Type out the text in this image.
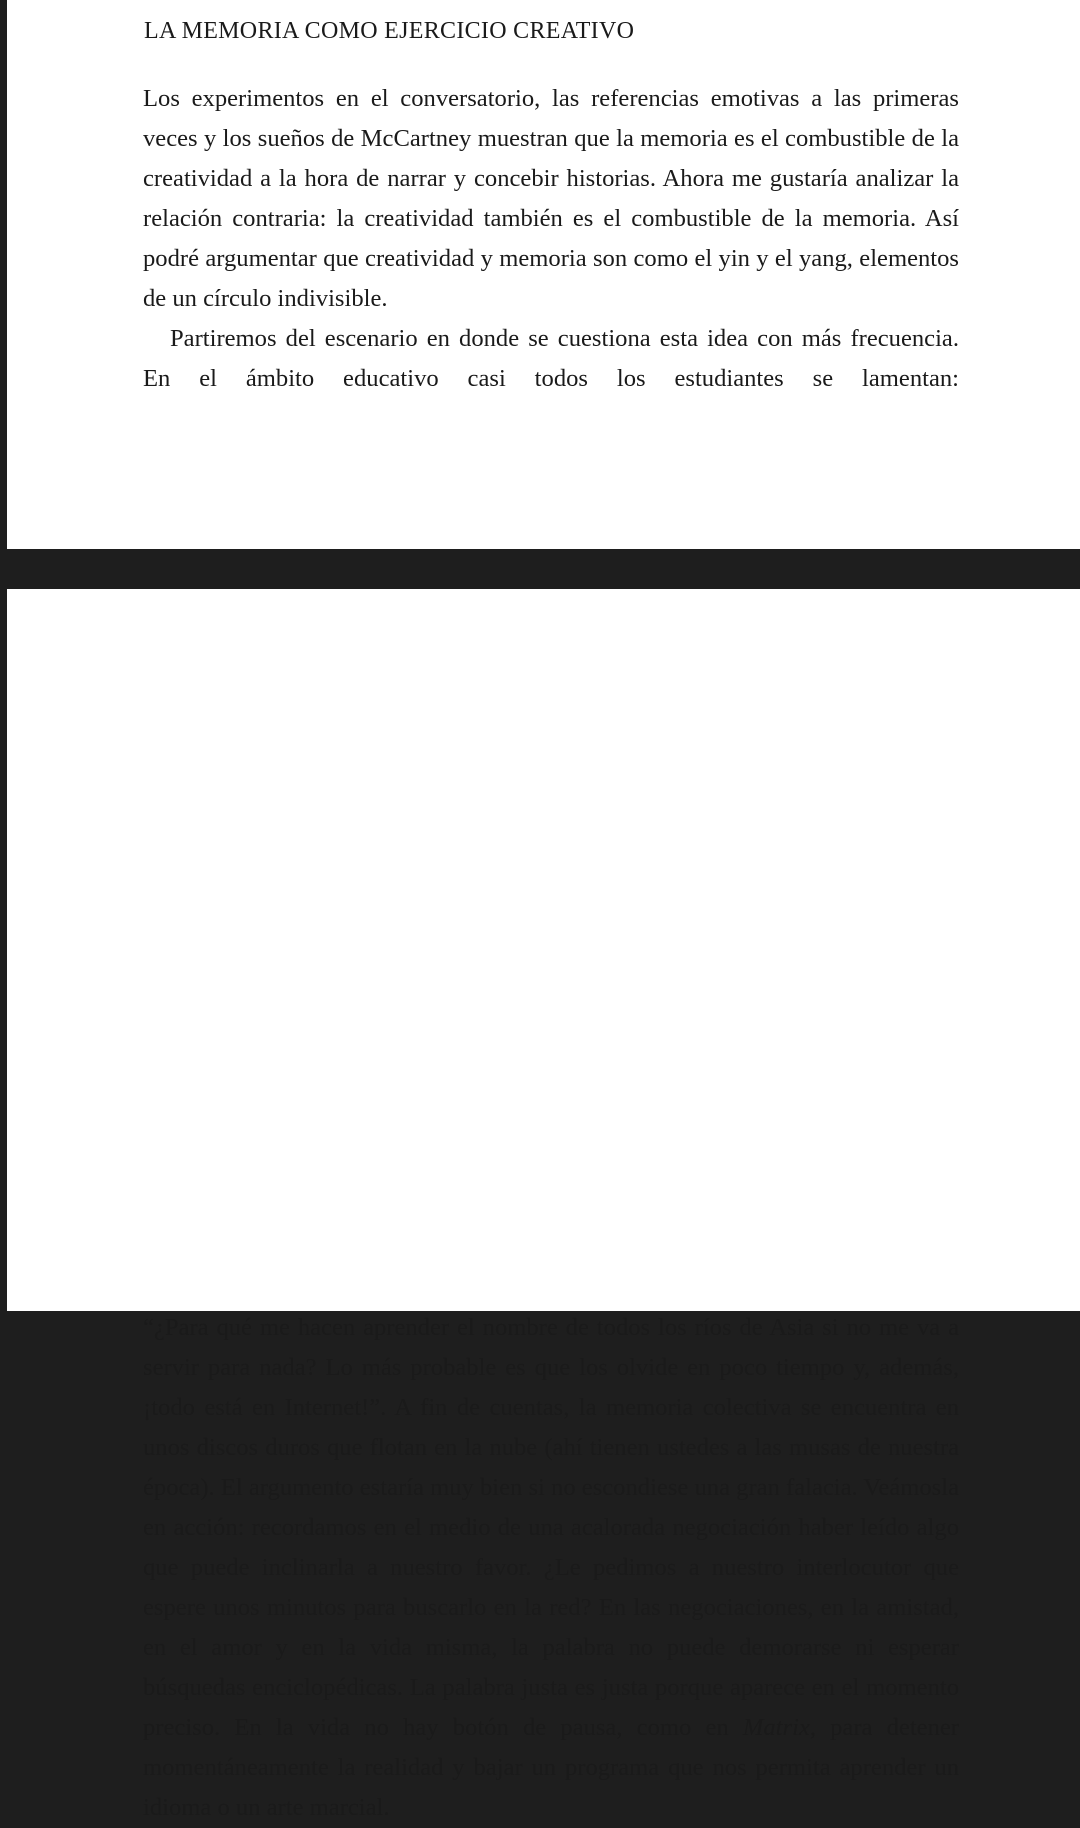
LA MEMORIA COMO EJERCICIO CREATIVO

Los experimentos en el conversatorio, las referencias emotivas a las primeras veces y los sueños de McCartney muestran que la memoria es el combustible de la creatividad a la hora de narrar y concebir historias. Ahora me gustaría analizar la relación contraria: la creatividad también es el combustible de la memoria. Así podré argumentar que creatividad y memoria son como el yin y el yang, elementos de un círculo indivisible.

Partiremos del escenario en donde se cuestiona esta idea con más frecuencia. En el ámbito educativo casi todos los estudiantes se lamentan:

“¿Para qué me hacen aprender el nombre de todos los ríos de Asia si no me va a servir para nada? Lo más probable es que los olvide en poco tiempo y, además, ¡todo está en Internet!”. A fin de cuentas, la memoria colectiva se encuentra en unos discos duros que flotan en la nube (ahí tienen ustedes a las musas de nuestra época). El argumento estaría muy bien si no escondiese una gran falacia. Veámosla en acción: recordamos en el medio de una acalorada negociación haber leído algo que puede inclinarla a nuestro favor. ¿Le pedimos a nuestro interlocutor que espere unos minutos para buscarlo en la red? En las negociaciones, en la amistad, en el amor y en la vida misma, la palabra no puede demorarse ni esperar búsquedas enciclopédicas. La palabra justa es justa porque aparece en el momento preciso. En la vida no hay botón de pausa, como en Matrix, para detener momentáneamente la realidad y bajar un programa que nos permita aprender un idioma o un arte marcial.
